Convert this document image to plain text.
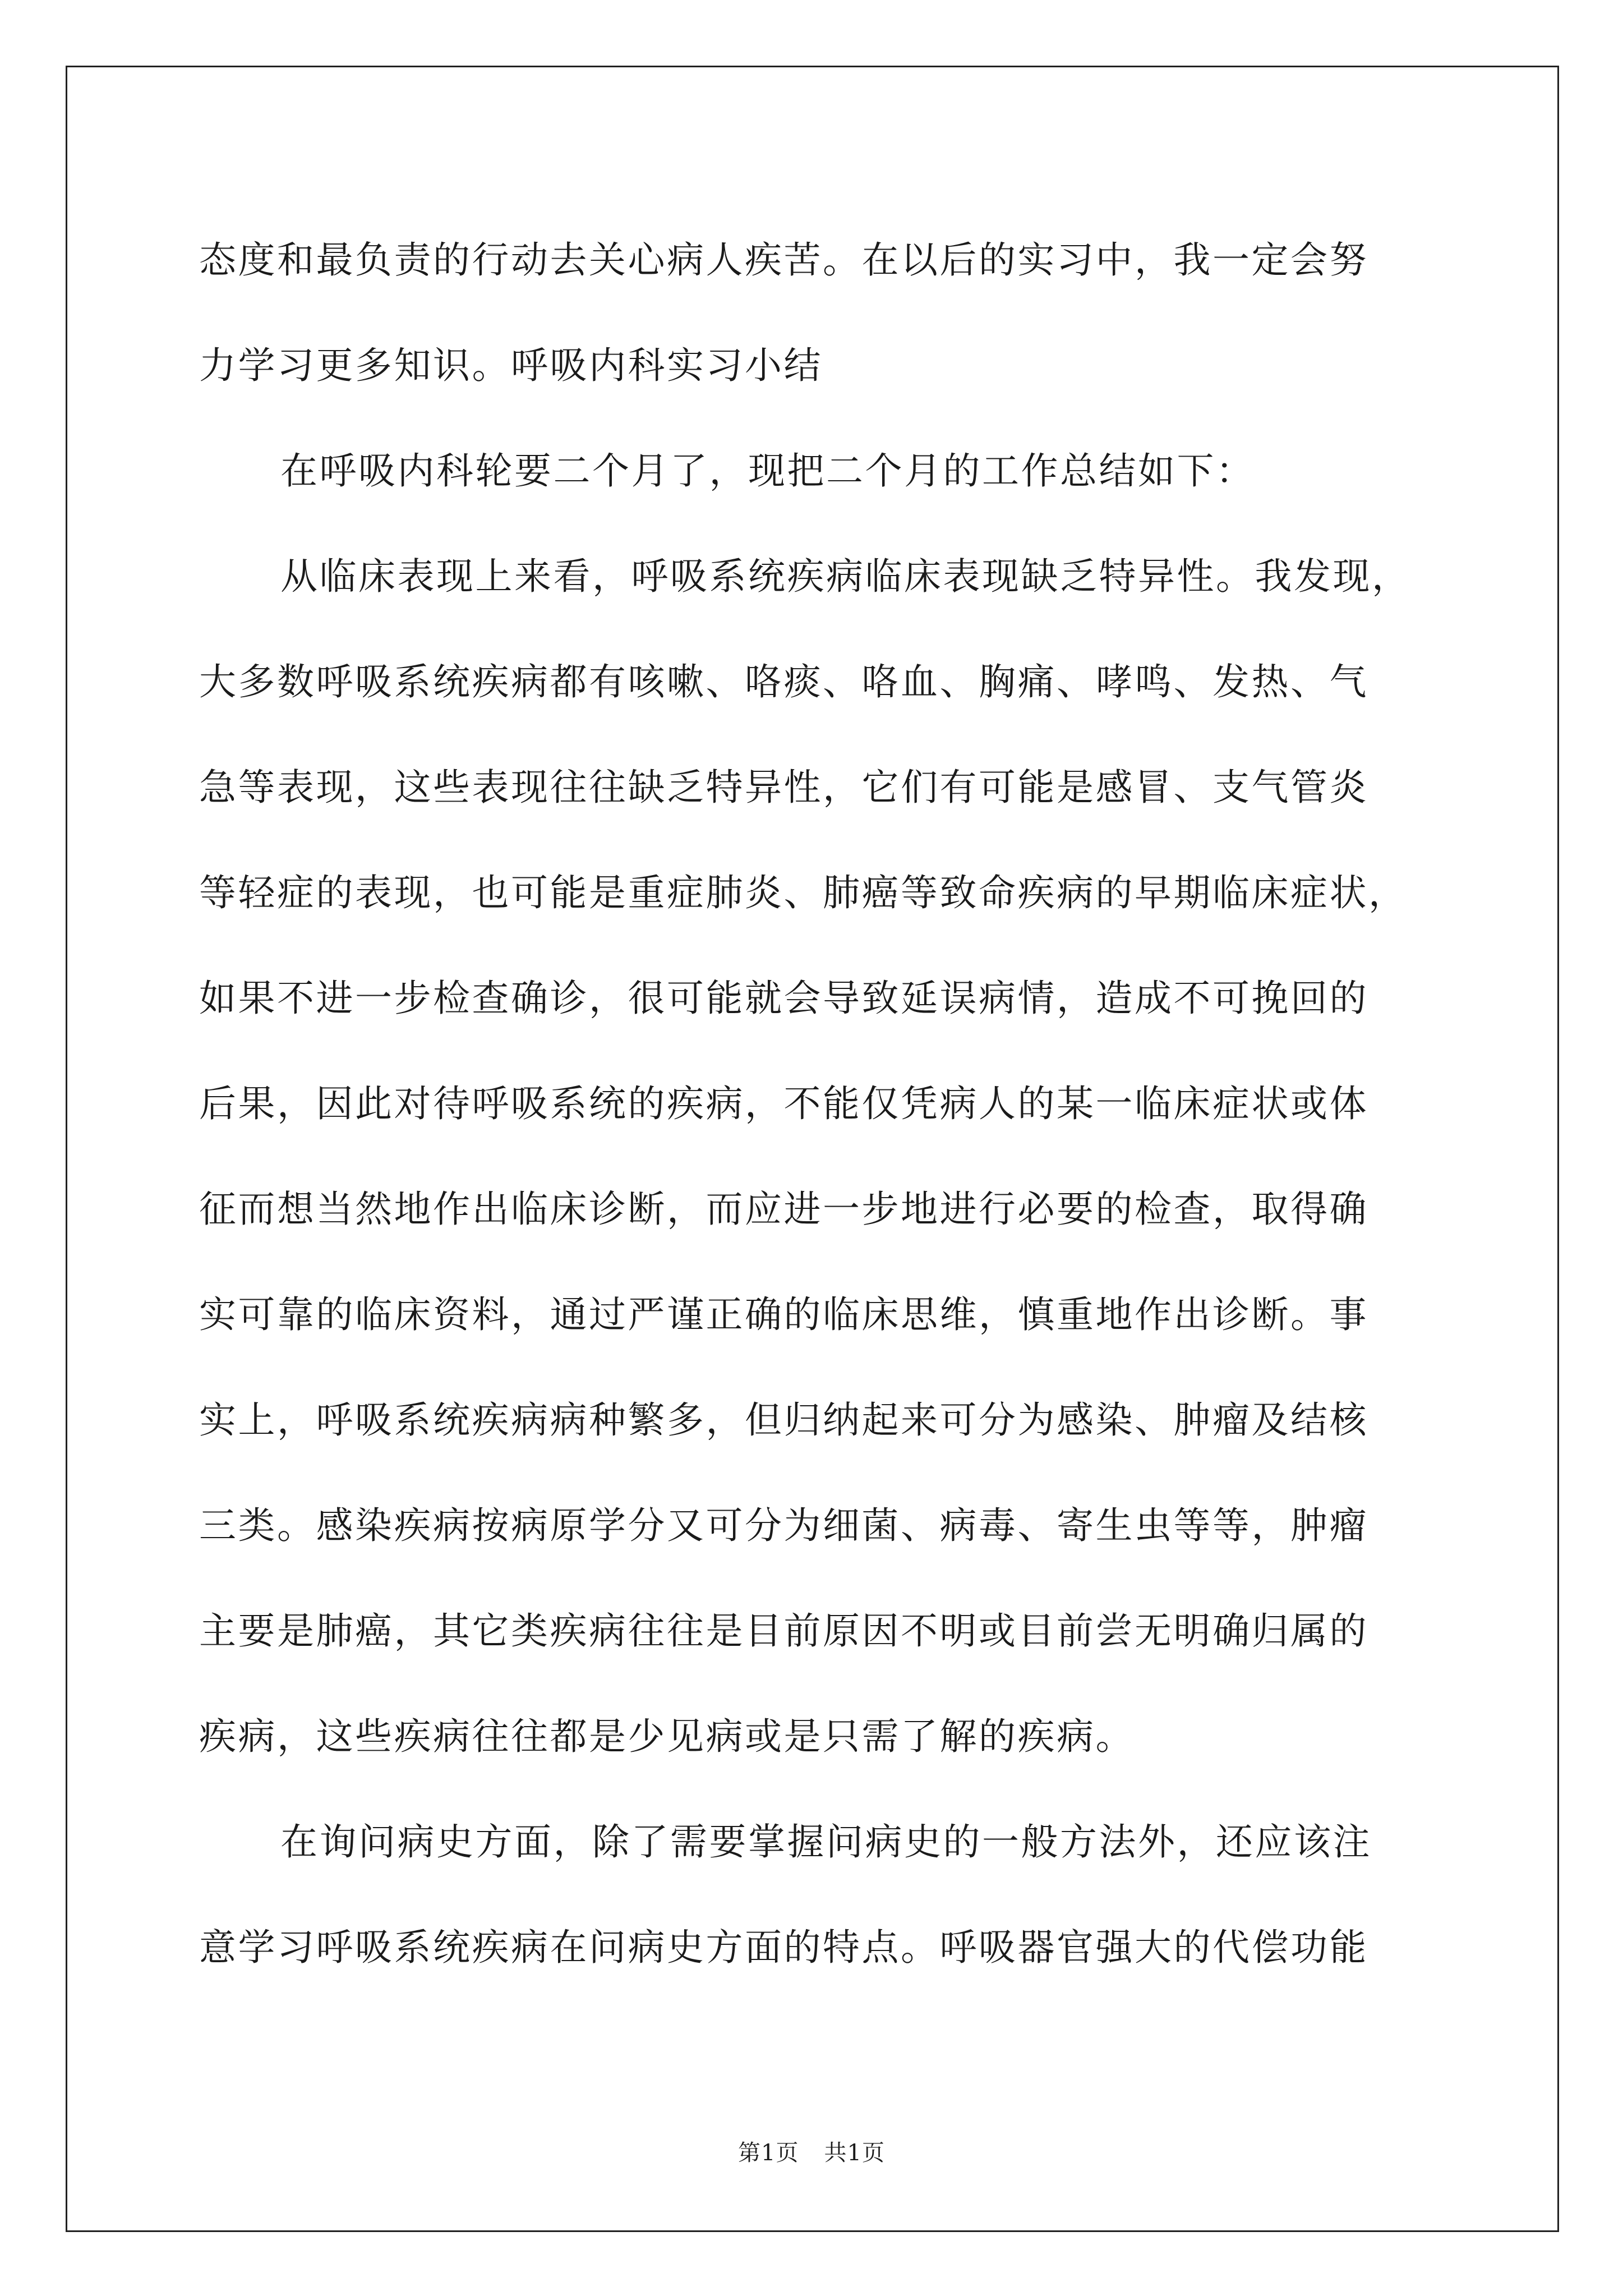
态度和最负责的行动去关心病人疾苦。在以后的实习中，我一定会努
力学习更多知识。呼吸内科实习小结
在呼吸内科轮要二个月了，现把二个月的工作总结如下：
从临床表现上来看，呼吸系统疾病临床表现缺乏特异性。我发现，
大多数呼吸系统疾病都有咳嗽、咯痰、咯血、胸痛、哮鸣、发热、气
急等表现，这些表现往往缺乏特异性，它们有可能是感冒、支气管炎
等轻症的表现，也可能是重症肺炎、肺癌等致命疾病的早期临床症状，
如果不进一步检查确诊，很可能就会导致延误病情，造成不可挽回的
后果，因此对待呼吸系统的疾病，不能仅凭病人的某一临床症状或体
征而想当然地作出临床诊断，而应进一步地进行必要的检查，取得确
实可靠的临床资料，通过严谨正确的临床思维，慎重地作出诊断。事
实上，呼吸系统疾病病种繁多，但归纳起来可分为感染、肿瘤及结核
三类。感染疾病按病原学分又可分为细菌、病毒、寄生虫等等，肿瘤
主要是肺癌，其它类疾病往往是目前原因不明或目前尝无明确归属的
疾病，这些疾病往往都是少见病或是只需了解的疾病。
在询问病史方面，除了需要掌握问病史的一般方法外，还应该注
意学习呼吸系统疾病在问病史方面的特点。呼吸器官强大的代偿功能
第1页 共1页
